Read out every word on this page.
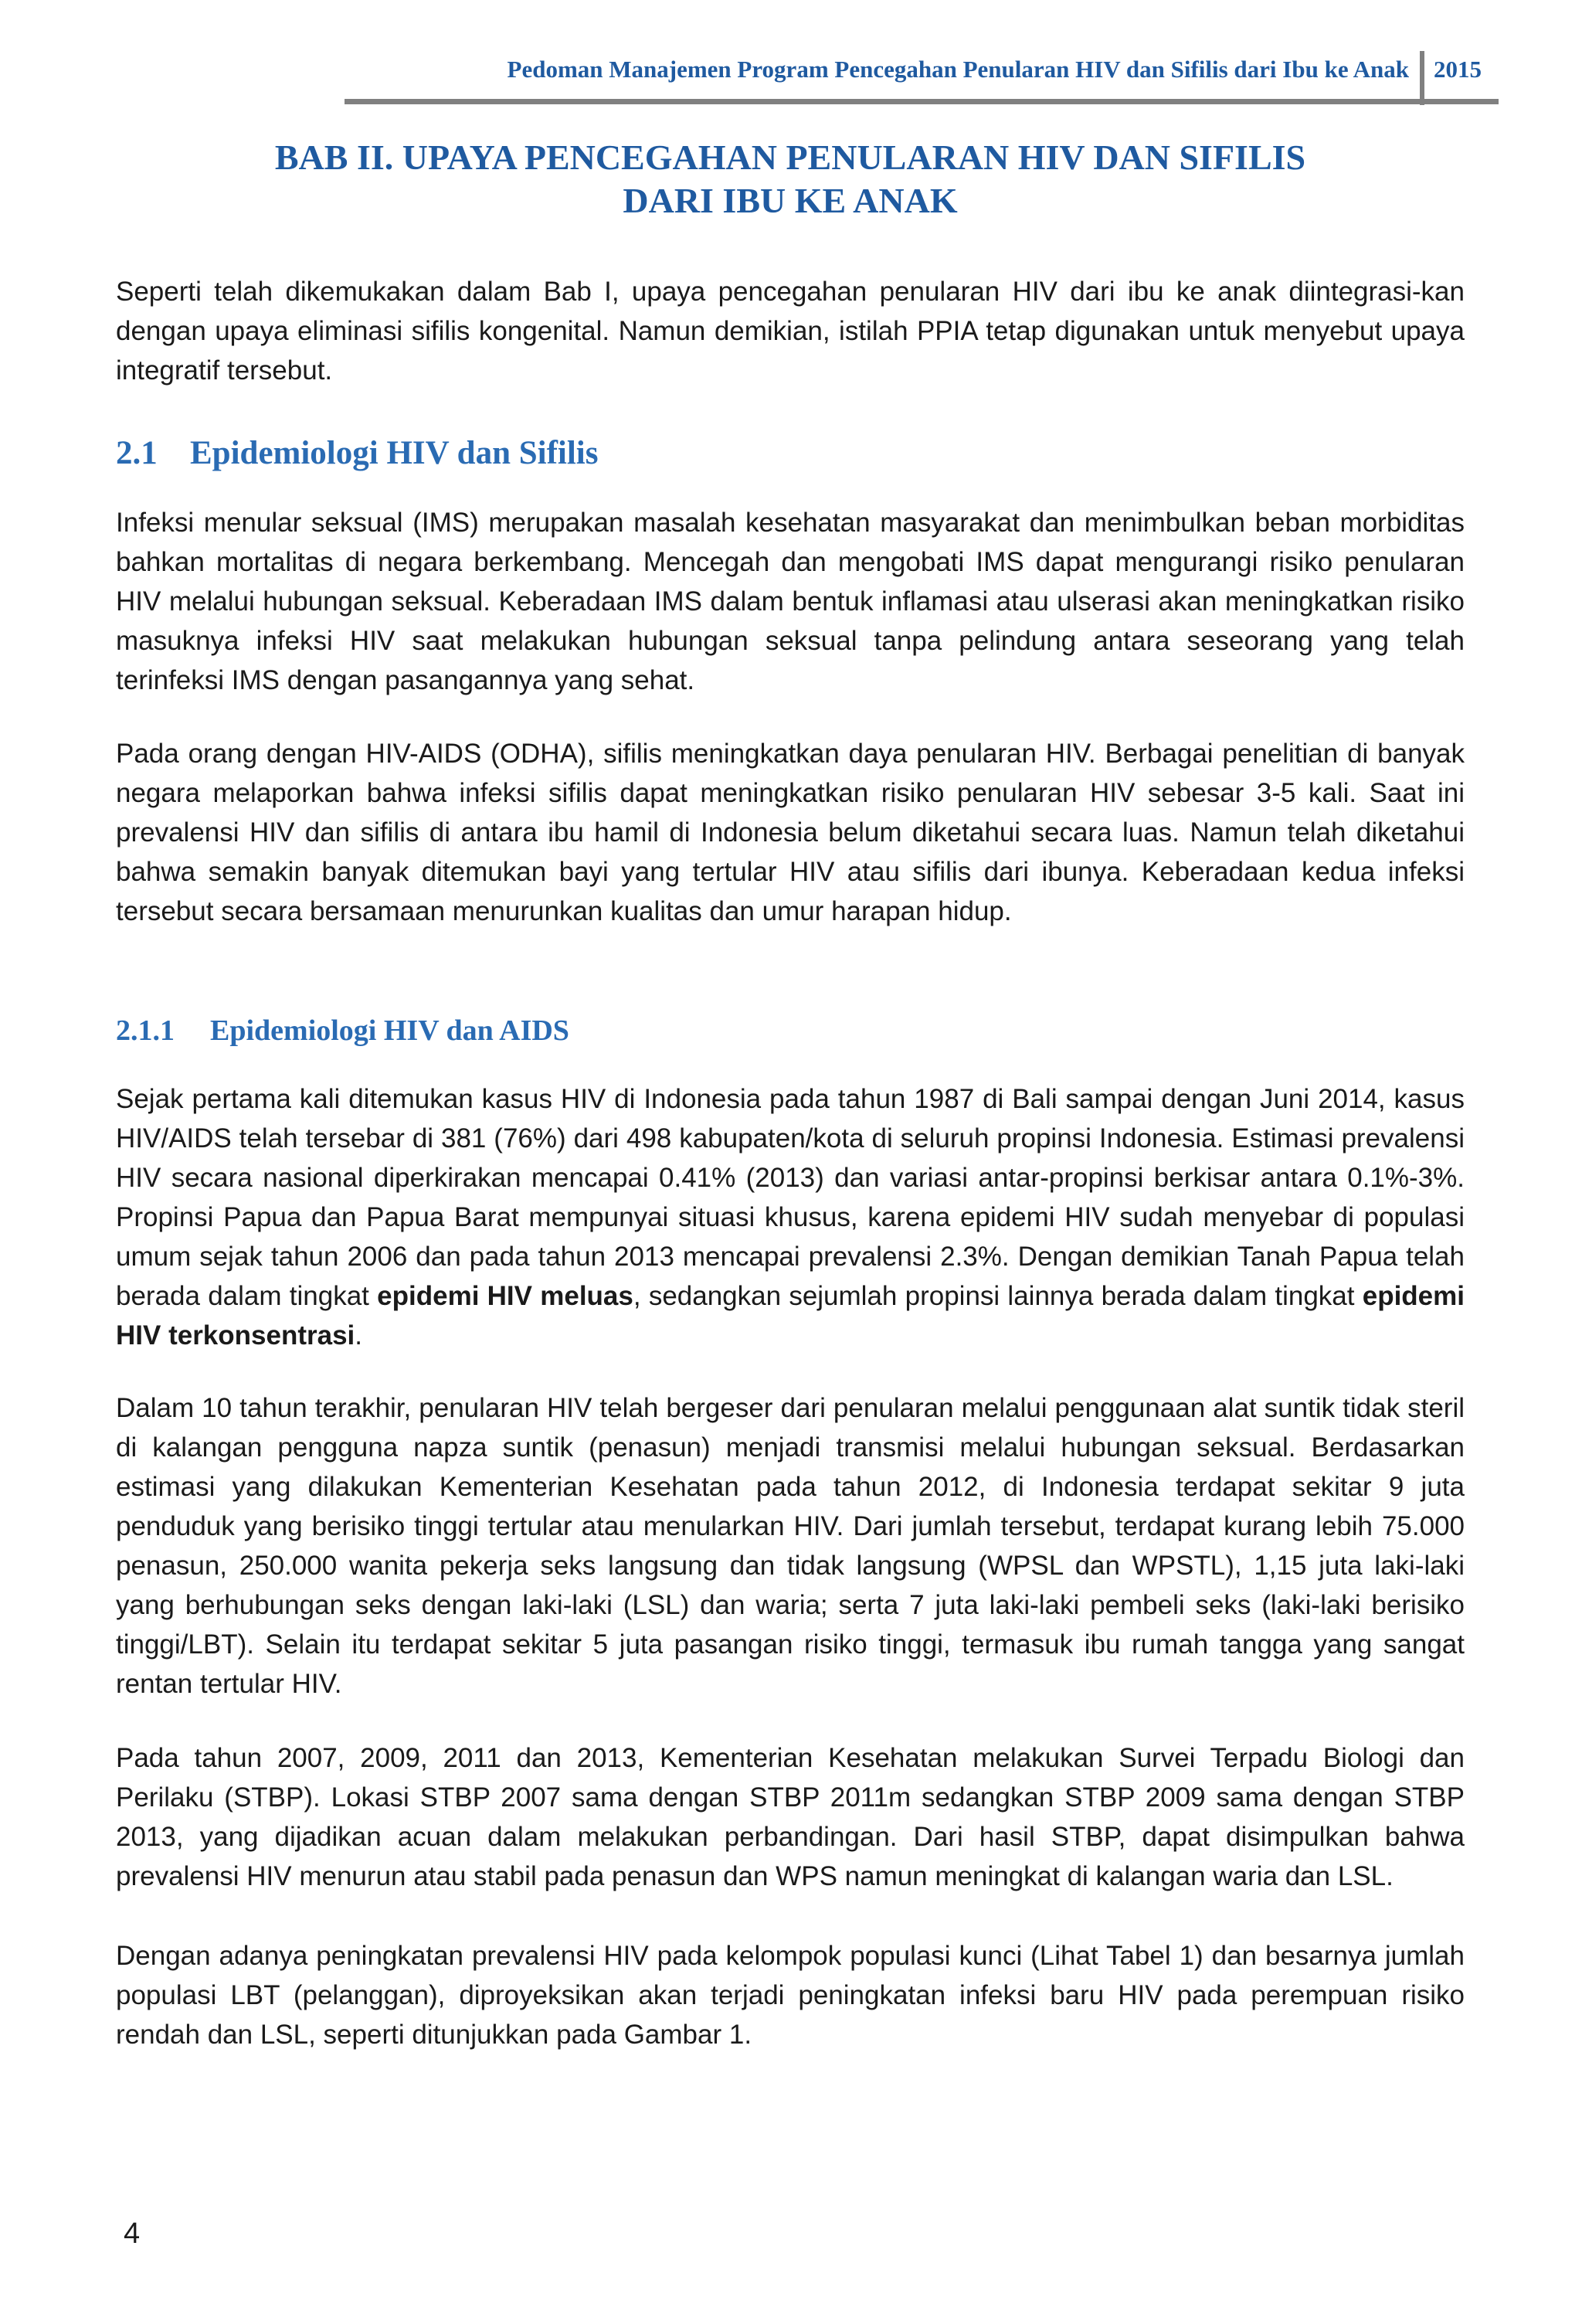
Pedoman Manajemen Program Pencegahan Penularan HIV dan Sifilis dari Ibu ke Anak 2015
BAB II. UPAYA PENCEGAHAN PENULARAN HIV DAN SIFILIS
DARI IBU KE ANAK

Seperti telah dikemukakan dalam Bab I, upaya pencegahan penularan HIV dari ibu ke anak diintegrasi-kan dengan upaya eliminasi sifilis kongenital. Namun demikian, istilah PPIA tetap digunakan untuk menyebut upaya integratif tersebut.

2.1 Epidemiologi HIV dan Sifilis

Infeksi menular seksual (IMS) merupakan masalah kesehatan masyarakat dan menimbulkan beban morbiditas bahkan mortalitas di negara berkembang. Mencegah dan mengobati IMS dapat mengurangi risiko penularan HIV melalui hubungan seksual. Keberadaan IMS dalam bentuk inflamasi atau ulserasi akan meningkatkan risiko masuknya infeksi HIV saat melakukan hubungan seksual tanpa pelindung antara seseorang yang telah terinfeksi IMS dengan pasangannya yang sehat.

Pada orang dengan HIV-AIDS (ODHA), sifilis meningkatkan daya penularan HIV. Berbagai penelitian di banyak negara melaporkan bahwa infeksi sifilis dapat meningkatkan risiko penularan HIV sebesar 3-5 kali. Saat ini prevalensi HIV dan sifilis di antara ibu hamil di Indonesia belum diketahui secara luas. Namun telah diketahui bahwa semakin banyak ditemukan bayi yang tertular HIV atau sifilis dari ibunya. Keberadaan kedua infeksi tersebut secara bersamaan menurunkan kualitas dan umur harapan hidup.

2.1.1 Epidemiologi HIV dan AIDS

Sejak pertama kali ditemukan kasus HIV di Indonesia pada tahun 1987 di Bali sampai dengan Juni 2014, kasus HIV/AIDS telah tersebar di 381 (76%) dari 498 kabupaten/kota di seluruh propinsi Indonesia. Estimasi prevalensi HIV secara nasional diperkirakan mencapai 0.41% (2013) dan variasi antar-propinsi berkisar antara 0.1%-3%. Propinsi Papua dan Papua Barat mempunyai situasi khusus, karena epidemi HIV sudah menyebar di populasi umum sejak tahun 2006 dan pada tahun 2013 mencapai prevalensi 2.3%. Dengan demikian Tanah Papua telah berada dalam tingkat epidemi HIV meluas, sedangkan sejumlah propinsi lainnya berada dalam tingkat epidemi HIV terkonsentrasi.

Dalam 10 tahun terakhir, penularan HIV telah bergeser dari penularan melalui penggunaan alat suntik tidak steril di kalangan pengguna napza suntik (penasun) menjadi transmisi melalui hubungan seksual. Berdasarkan estimasi yang dilakukan Kementerian Kesehatan pada tahun 2012, di Indonesia terdapat sekitar 9 juta penduduk yang berisiko tinggi tertular atau menularkan HIV. Dari jumlah tersebut, terdapat kurang lebih 75.000 penasun, 250.000 wanita pekerja seks langsung dan tidak langsung (WPSL dan WPSTL), 1,15 juta laki-laki yang berhubungan seks dengan laki-laki (LSL) dan waria; serta 7 juta laki-laki pembeli seks (laki-laki berisiko tinggi/LBT). Selain itu terdapat sekitar 5 juta pasangan risiko tinggi, termasuk ibu rumah tangga yang sangat rentan tertular HIV.

Pada tahun 2007, 2009, 2011 dan 2013, Kementerian Kesehatan melakukan Survei Terpadu Biologi dan Perilaku (STBP). Lokasi STBP 2007 sama dengan STBP 2011m sedangkan STBP 2009 sama dengan STBP 2013, yang dijadikan acuan dalam melakukan perbandingan. Dari hasil STBP, dapat disimpulkan bahwa prevalensi HIV menurun atau stabil pada penasun dan WPS namun meningkat di kalangan waria dan LSL.

Dengan adanya peningkatan prevalensi HIV pada kelompok populasi kunci (Lihat Tabel 1) dan besarnya jumlah populasi LBT (pelanggan), diproyeksikan akan terjadi peningkatan infeksi baru HIV pada perempuan risiko rendah dan LSL, seperti ditunjukkan pada Gambar 1.

4
